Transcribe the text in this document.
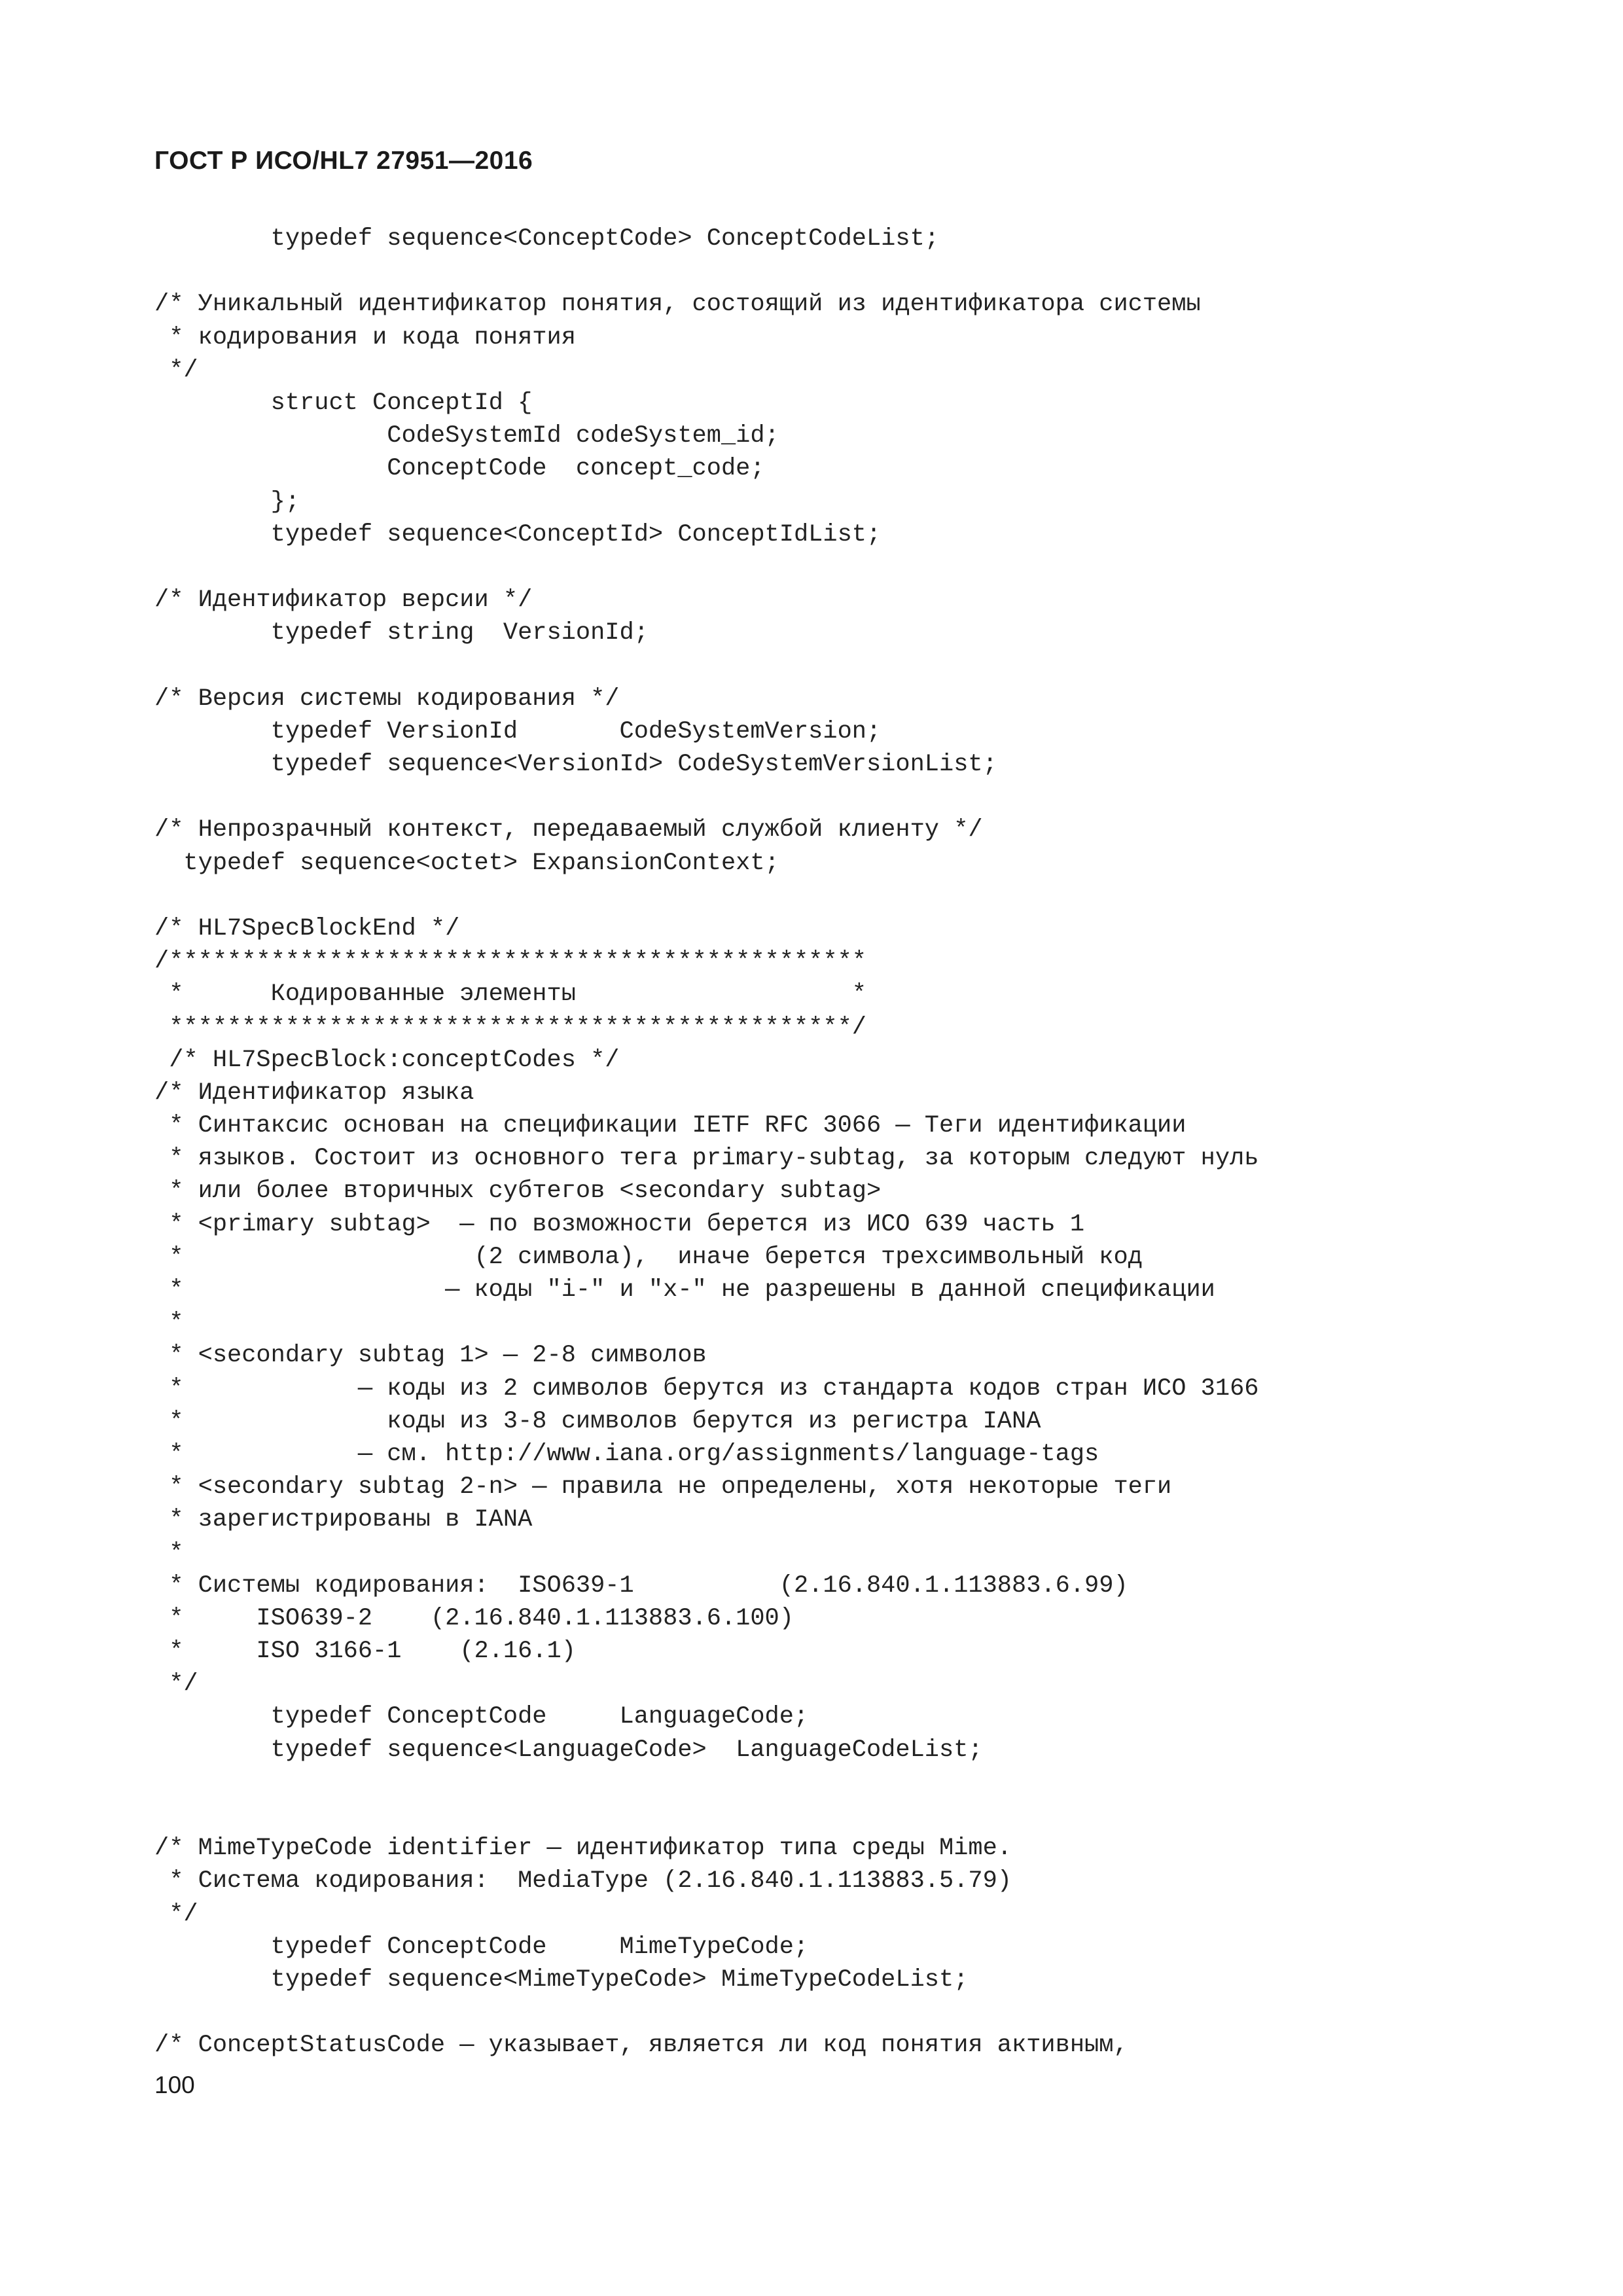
ГОСТ Р ИСО/HL7 27951—2016
typedef sequence<ConceptCode> ConceptCodeList;

/* Уникальный идентификатор понятия, состоящий из идентификатора системы
* кодирования и кода понятия
*/
struct ConceptId {
CodeSystemId codeSystem_id;
ConceptCode  concept_code;
};
typedef sequence<ConceptId> ConceptIdList;

/* Идентификатор версии */
typedef string  VersionId;

/* Версия системы кодирования */
typedef VersionId       CodeSystemVersion;
typedef sequence<VersionId> CodeSystemVersionList;

/* Непрозрачный контекст, передаваемый службой клиенту */
typedef sequence<octet> ExpansionContext;

/* HL7SpecBlockEnd */
/************************************************
*      Кодированные элементы                   *
***********************************************/
/* HL7SpecBlock:conceptCodes */
/* Идентификатор языка
* Синтаксис основан на спецификации IETF RFC 3066 — Теги идентификации
* языков. Состоит из основного тега primary-subtag, за которым следуют нуль
* или более вторичных субтегов <secondary subtag>
* <primary subtag>  — по возможности берется из ИСО 639 часть 1
*                    (2 символа),  иначе берется трехсимвольный код
*                  — коды "i-" и "x-" не разрешены в данной спецификации
*
* <secondary subtag 1> — 2-8 символов
*            — коды из 2 символов берутся из стандарта кодов стран ИСО 3166
*              коды из 3-8 символов берутся из регистра IANA
*            — см. http://www.iana.org/assignments/language-tags
* <secondary subtag 2-n> — правила не определены, хотя некоторые теги
* зарегистрированы в IANA
*
* Системы кодирования:  ISO639-1          (2.16.840.1.113883.6.99)
*     ISO639-2    (2.16.840.1.113883.6.100)
*     ISO 3166-1    (2.16.1)
*/
typedef ConceptCode     LanguageCode;
typedef sequence<LanguageCode>  LanguageCodeList;

/* MimeTypeCode identifier — идентификатор типа среды Mime.
* Система кодирования:  MediaType (2.16.840.1.113883.5.79)
*/
typedef ConceptCode     MimeTypeCode;
typedef sequence<MimeTypeCode> MimeTypeCodeList;

/* ConceptStatusCode — указывает, является ли код понятия активным,
100
